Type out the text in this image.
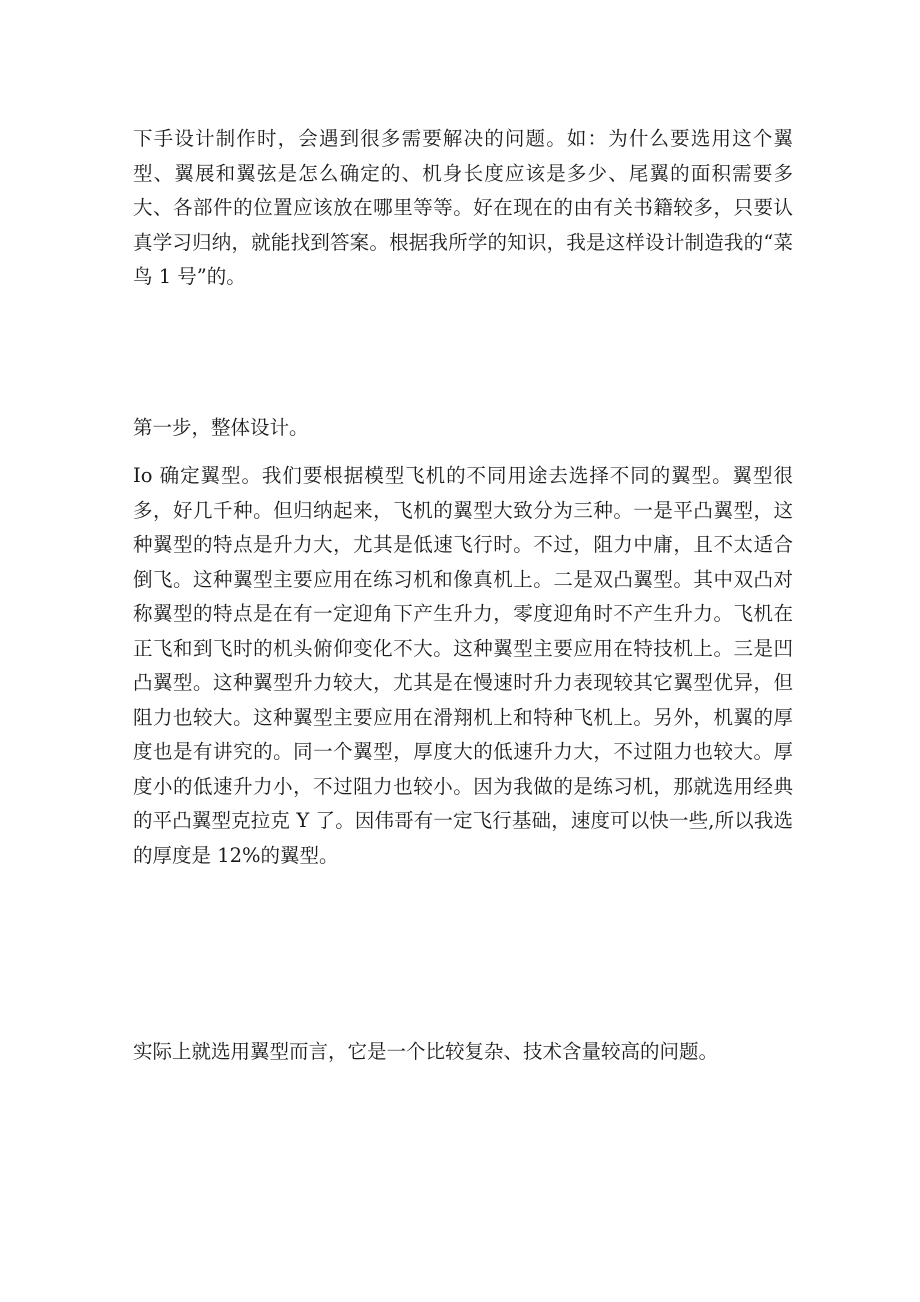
下手设计制作时，会遇到很多需要解决的问题。如：为什么要选用这个翼型、翼展和翼弦是怎么确定的、机身长度应该是多少、尾翼的面积需要多大、各部件的位置应该放在哪里等等。好在现在的由有关书籍较多，只要认真学习归纳，就能找到答案。根据我所学的知识，我是这样设计制造我的“菜鸟 1 号”的。

第一步，整体设计。

Io 确定翼型。我们要根据模型飞机的不同用途去选择不同的翼型。翼型很多，好几千种。但归纳起来，飞机的翼型大致分为三种。一是平凸翼型，这种翼型的特点是升力大，尤其是低速飞行时。不过，阻力中庸，且不太适合倒飞。这种翼型主要应用在练习机和像真机上。二是双凸翼型。其中双凸对称翼型的特点是在有一定迎角下产生升力，零度迎角时不产生升力。飞机在正飞和到飞时的机头俯仰变化不大。这种翼型主要应用在特技机上。三是凹凸翼型。这种翼型升力较大，尤其是在慢速时升力表现较其它翼型优异，但阻力也较大。这种翼型主要应用在滑翔机上和特种飞机上。另外，机翼的厚度也是有讲究的。同一个翼型，厚度大的低速升力大，不过阻力也较大。厚度小的低速升力小，不过阻力也较小。因为我做的是练习机，那就选用经典的平凸翼型克拉克 Y 了。因伟哥有一定飞行基础，速度可以快一些,所以我选的厚度是 12%的翼型。

实际上就选用翼型而言，它是一个比较复杂、技术含量较高的问题。
